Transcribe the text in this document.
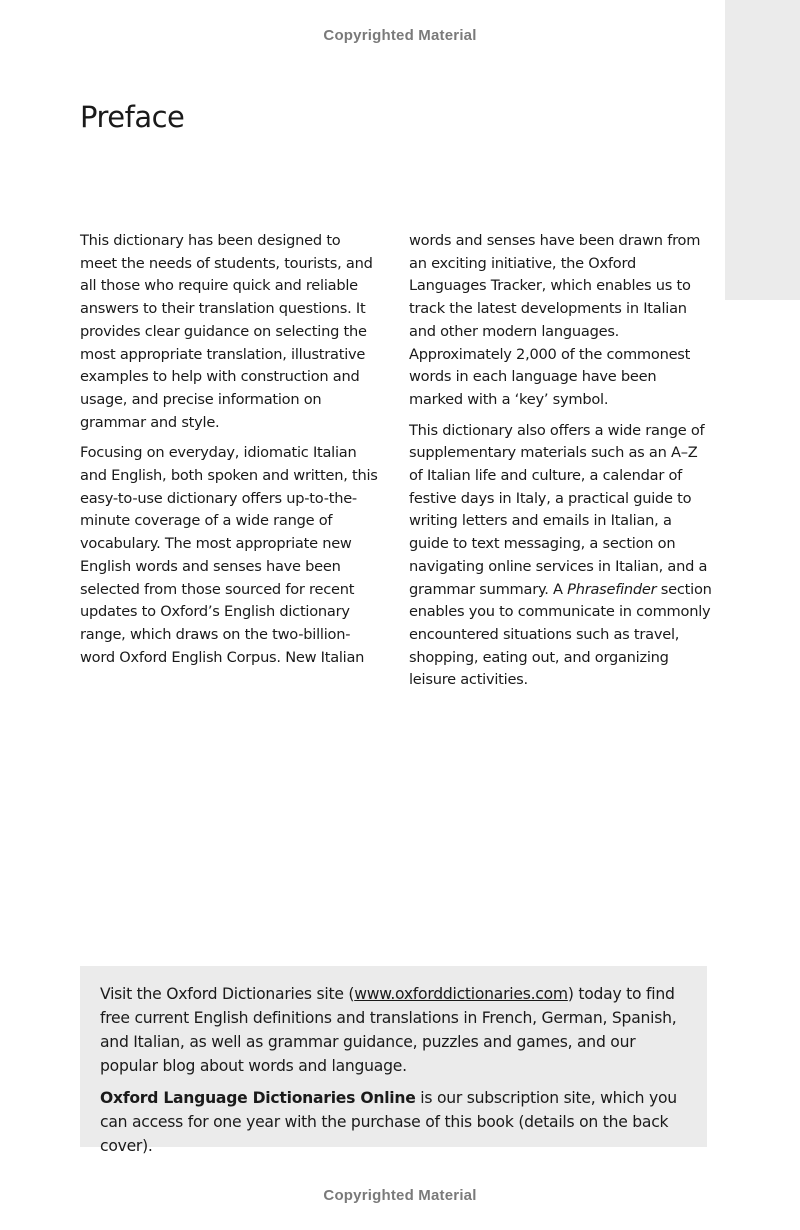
Copyrighted Material
Preface

This dictionary has been designed to meet the needs of students, tourists, and all those who require quick and reliable answers to their translation questions. It provides clear guidance on selecting the most appropriate translation, illustrative examples to help with construction and usage, and precise information on grammar and style.

Focusing on everyday, idiomatic Italian and English, both spoken and written, this easy-to-use dictionary offers up-to-the-minute coverage of a wide range of vocabulary. The most appropriate new English words and senses have been selected from those sourced for recent updates to Oxford’s English dictionary range, which draws on the two-billion-word Oxford English Corpus. New Italian

words and senses have been drawn from an exciting initiative, the Oxford Languages Tracker, which enables us to track the latest developments in Italian and other modern languages. Approximately 2,000 of the commonest words in each language have been marked with a ‘key’ symbol.

This dictionary also offers a wide range of supplementary materials such as an A–Z of Italian life and culture, a calendar of festive days in Italy, a practical guide to writing letters and emails in Italian, a guide to text messaging, a section on navigating online services in Italian, and a grammar summary. A Phrasefinder section enables you to communicate in commonly encountered situations such as travel, shopping, eating out, and organizing leisure activities.

Visit the Oxford Dictionaries site (www.oxforddictionaries.com) today to find free current English definitions and translations in French, German, Spanish, and Italian, as well as grammar guidance, puzzles and games, and our popular blog about words and language.

Oxford Language Dictionaries Online is our subscription site, which you can access for one year with the purchase of this book (details on the back cover).

Copyrighted Material
